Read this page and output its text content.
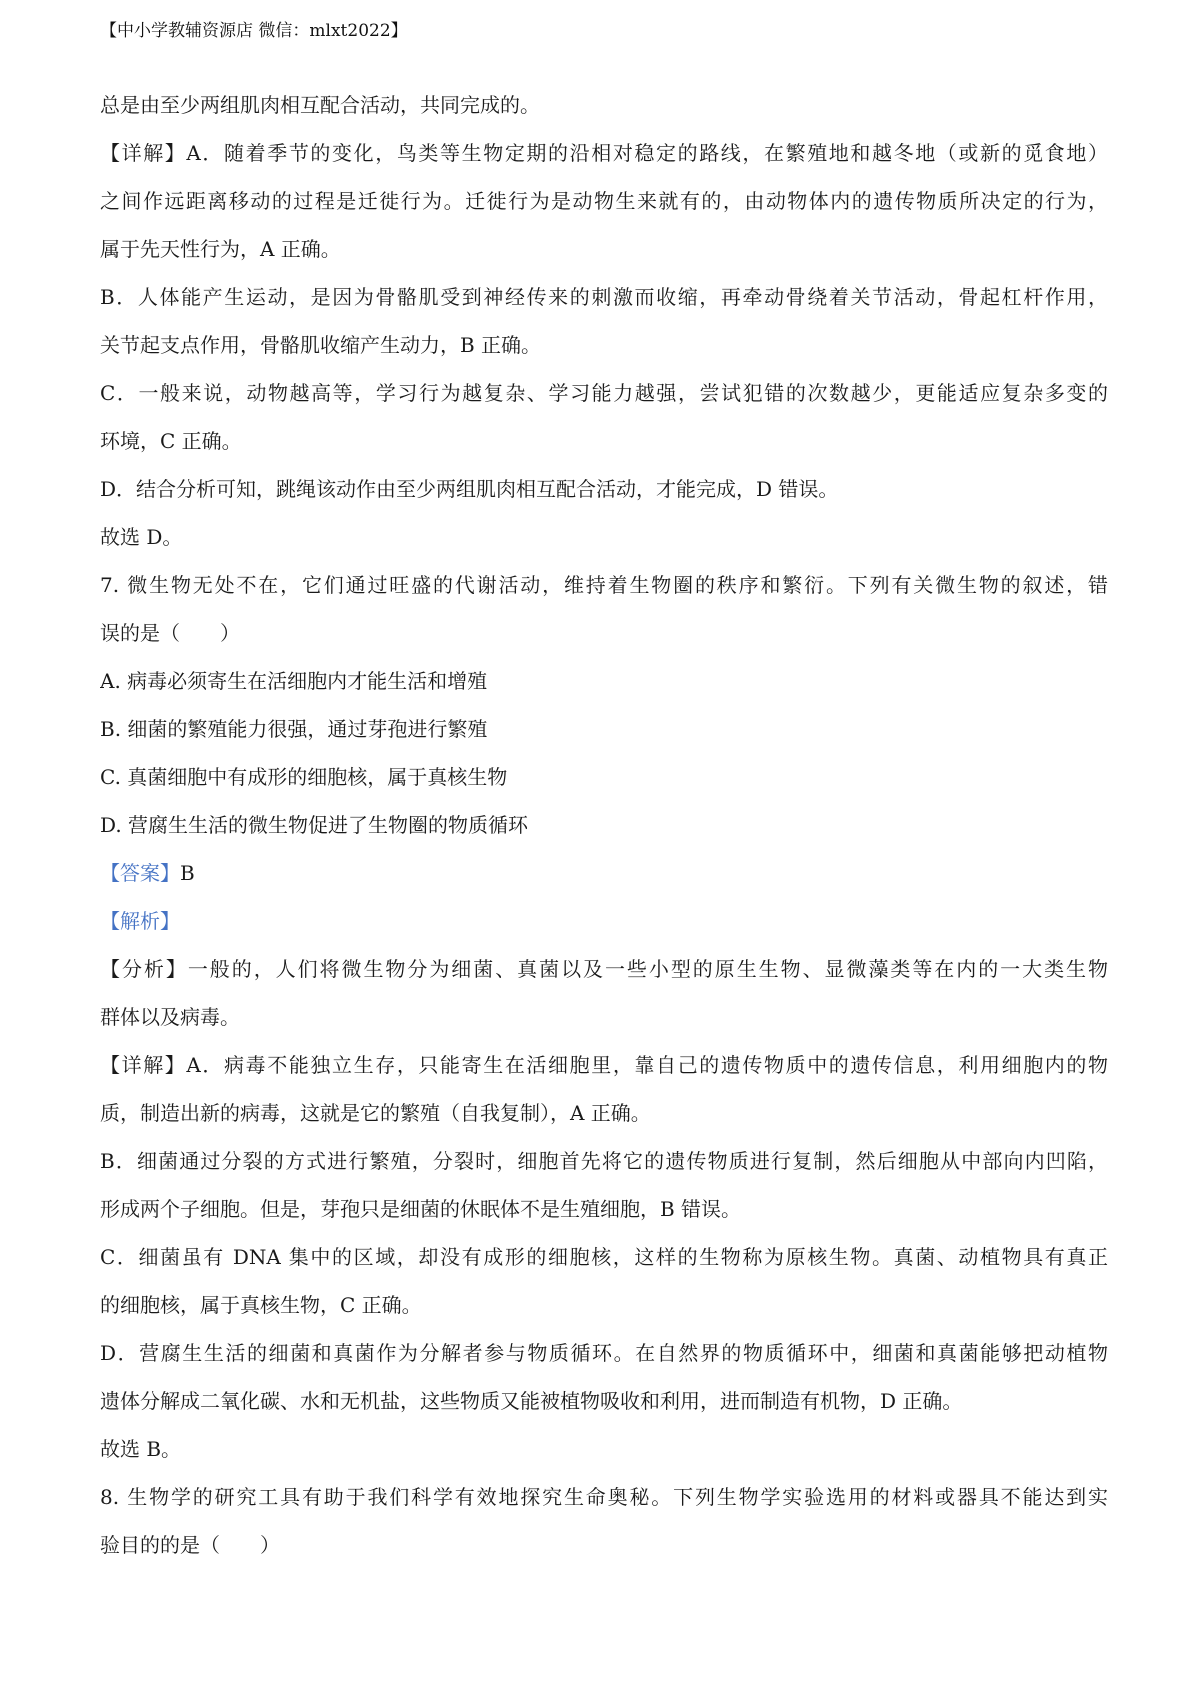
【中小学教辅资源店 微信：mlxt2022】
总是由至少两组肌肉相互配合活动，共同完成的。
【详解】A．随着季节的变化，鸟类等生物定期的沿相对稳定的路线，在繁殖地和越冬地（或新的觅食地）
之间作远距离移动的过程是迁徙行为。迁徙行为是动物生来就有的，由动物体内的遗传物质所决定的行为，
属于先天性行为，A 正确。
B．人体能产生运动，是因为骨骼肌受到神经传来的刺激而收缩，再牵动骨绕着关节活动，骨起杠杆作用，
关节起支点作用，骨骼肌收缩产生动力，B 正确。
C．一般来说，动物越高等，学习行为越复杂、学习能力越强，尝试犯错的次数越少，更能适应复杂多变的
环境，C 正确。
D．结合分析可知，跳绳该动作由至少两组肌肉相互配合活动，才能完成，D 错误。
故选 D。
7. 微生物无处不在，它们通过旺盛的代谢活动，维持着生物圈的秩序和繁衍。下列有关微生物的叙述，错
误的是（　　）
A. 病毒必须寄生在活细胞内才能生活和增殖
B. 细菌的繁殖能力很强，通过芽孢进行繁殖
C. 真菌细胞中有成形的细胞核，属于真核生物
D. 营腐生生活的微生物促进了生物圈的物质循环
【答案】B
【解析】
【分析】一般的，人们将微生物分为细菌、真菌以及一些小型的原生生物、显微藻类等在内的一大类生物
群体以及病毒。
【详解】A．病毒不能独立生存，只能寄生在活细胞里，靠自己的遗传物质中的遗传信息，利用细胞内的物
质，制造出新的病毒，这就是它的繁殖（自我复制），A 正确。
B．细菌通过分裂的方式进行繁殖，分裂时，细胞首先将它的遗传物质进行复制，然后细胞从中部向内凹陷，
形成两个子细胞。但是，芽孢只是细菌的休眠体不是生殖细胞，B 错误。
C．细菌虽有 DNA 集中的区域，却没有成形的细胞核，这样的生物称为原核生物。真菌、动植物具有真正
的细胞核，属于真核生物，C 正确。
D．营腐生生活的细菌和真菌作为分解者参与物质循环。在自然界的物质循环中，细菌和真菌能够把动植物
遗体分解成二氧化碳、水和无机盐，这些物质又能被植物吸收和利用，进而制造有机物，D 正确。
故选 B。
8. 生物学的研究工具有助于我们科学有效地探究生命奥秘。下列生物学实验选用的材料或器具不能达到实
验目的的是（　　）
